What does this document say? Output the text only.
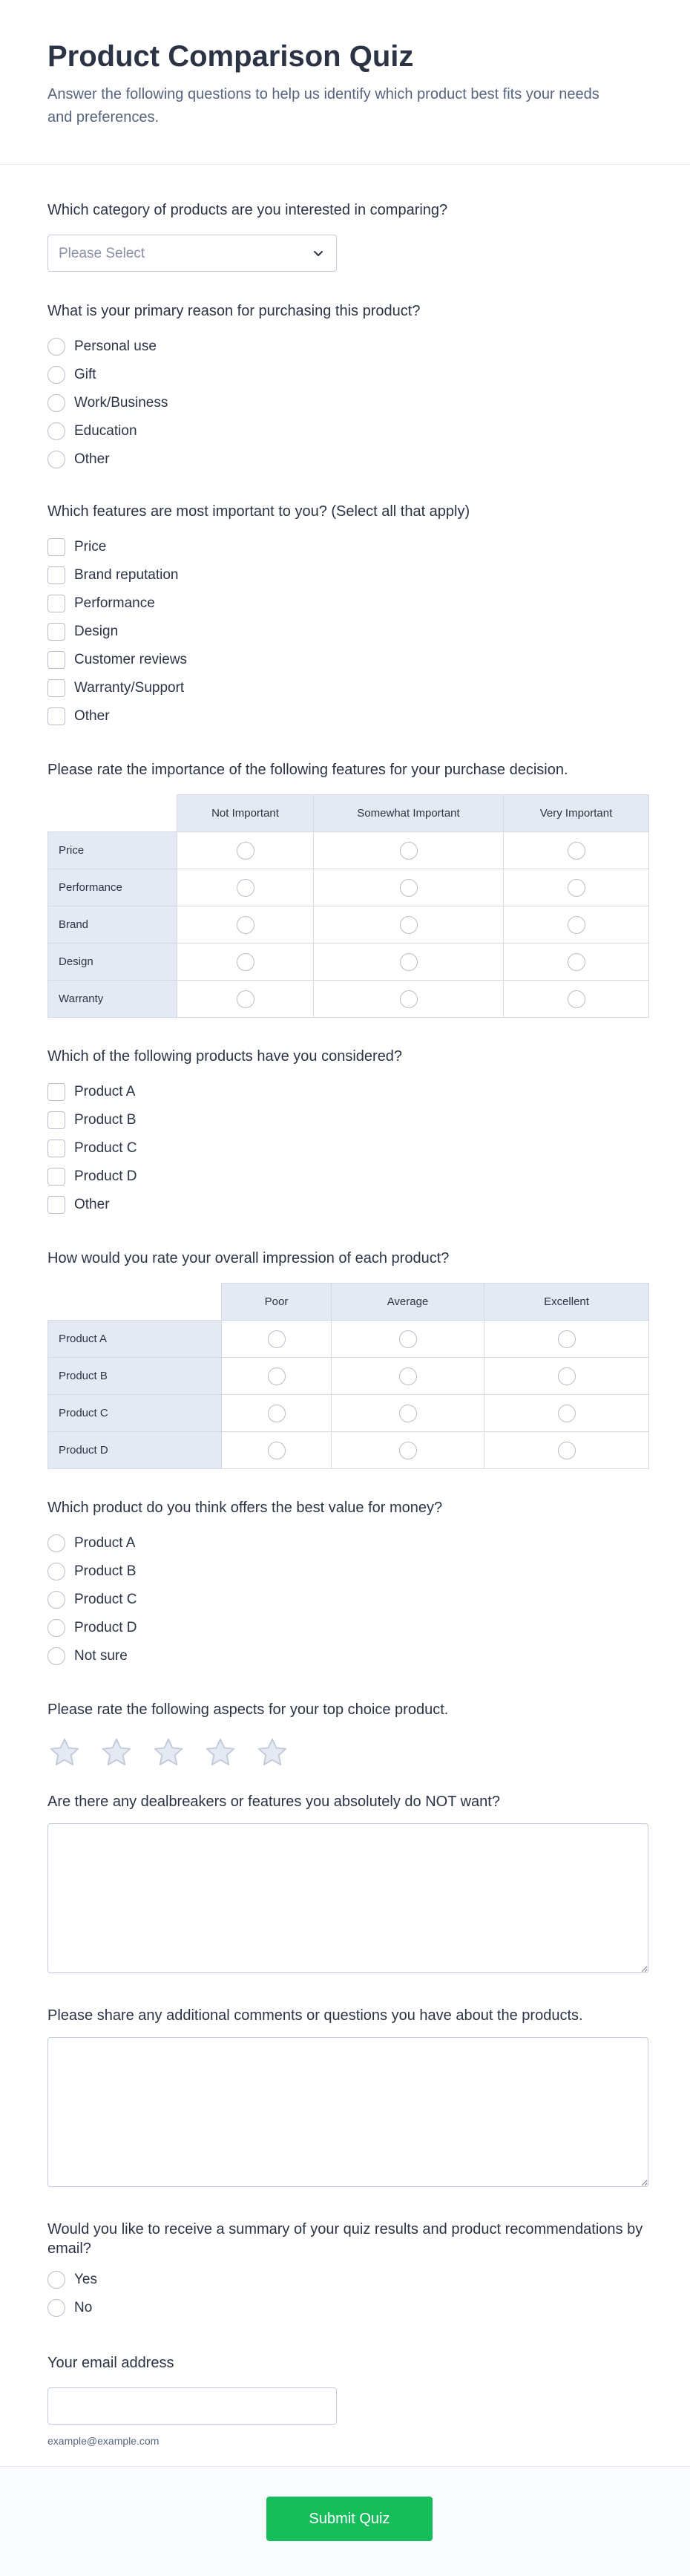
Product Comparison Quiz

Answer the following questions to help us identify which product best fits your needs and preferences.

Which category of products are you interested in comparing?
Please Select
What is your primary reason for purchasing this product?
Personal use
Gift
Work/Business
Education
Other
Which features are most important to you? (Select all that apply)
Price
Brand reputation
Performance
Design
Customer reviews
Warranty/Support
Other
Please rate the importance of the following features for your purchase decision.
	Not Important	Somewhat Important	Very Important
Price			
Performance			
Brand			
Design			
Warranty			
Which of the following products have you considered?
Product A
Product B
Product C
Product D
Other
How would you rate your overall impression of each product?
	Poor	Average	Excellent
Product A			
Product B			
Product C			
Product D			
Which product do you think offers the best value for money?
Product A
Product B
Product C
Product D
Not sure
Please rate the following aspects for your top choice product.
Are there any dealbreakers or features you absolutely do NOT want?
Please share any additional comments or questions you have about the products.
Would you like to receive a summary of your quiz results and product recommendations by email?
Yes
No
Your email address
example@example.com
Submit Quiz
